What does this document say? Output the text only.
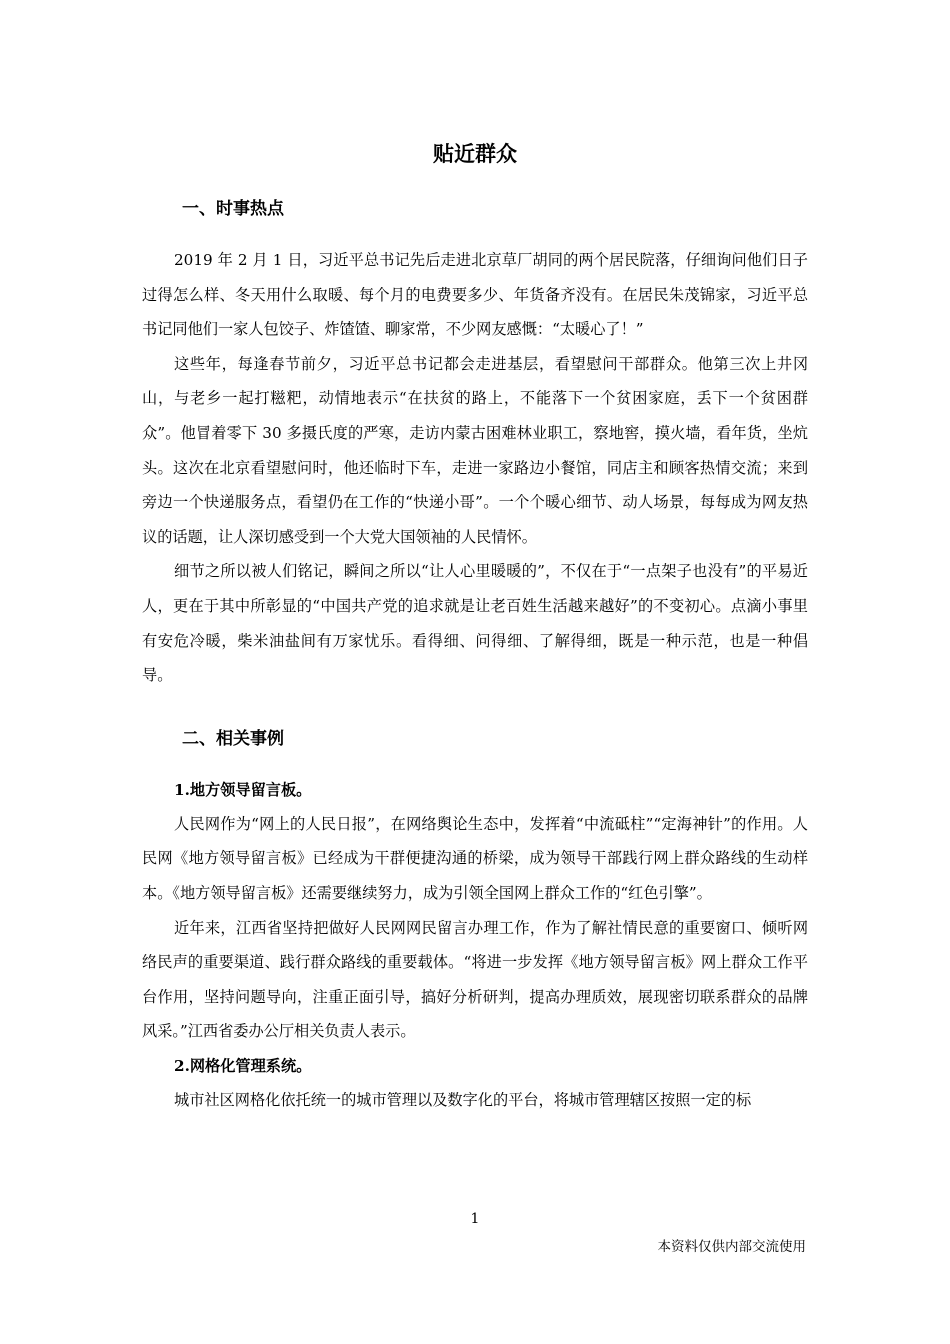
贴近群众
一、时事热点

2019 年 2 月 1 日，习近平总书记先后走进北京草厂胡同的两个居民院落，仔细询问他们日子过得怎么样、冬天用什么取暖、每个月的电费要多少、年货备齐没有。在居民朱茂锦家，习近平总书记同他们一家人包饺子、炸馇馇、聊家常，不少网友感慨：“太暖心了！”

这些年，每逢春节前夕，习近平总书记都会走进基层，看望慰问干部群众。他第三次上井冈山，与老乡一起打糍粑，动情地表示“在扶贫的路上，不能落下一个贫困家庭，丢下一个贫困群众”。他冒着零下 30 多摄氏度的严寒，走访内蒙古困难林业职工，察地窖，摸火墙，看年货，坐炕头。这次在北京看望慰问时，他还临时下车，走进一家路边小餐馆，同店主和顾客热情交流；来到旁边一个快递服务点，看望仍在工作的“快递小哥”。一个个暖心细节、动人场景，每每成为网友热议的话题，让人深切感受到一个大党大国领袖的人民情怀。

细节之所以被人们铭记，瞬间之所以“让人心里暖暖的”，不仅在于“一点架子也没有”的平易近人，更在于其中所彰显的“中国共产党的追求就是让老百姓生活越来越好”的不变初心。点滴小事里有安危冷暖，柴米油盐间有万家忧乐。看得细、问得细、了解得细，既是一种示范，也是一种倡导。

二、相关事例
1.地方领导留言板。

人民网作为“网上的人民日报”，在网络舆论生态中，发挥着“中流砥柱”“定海神针”的作用。人民网《地方领导留言板》已经成为干群便捷沟通的桥梁，成为领导干部践行网上群众路线的生动样本。《地方领导留言板》还需要继续努力，成为引领全国网上群众工作的“红色引擎”。

近年来，江西省坚持把做好人民网网民留言办理工作，作为了解社情民意的重要窗口、倾听网络民声的重要渠道、践行群众路线的重要载体。“将进一步发挥《地方领导留言板》网上群众工作平台作用，坚持问题导向，注重正面引导，搞好分析研判，提高办理质效，展现密切联系群众的品牌风采。”江西省委办公厅相关负责人表示。

2.网格化管理系统。

城市社区网格化依托统一的城市管理以及数字化的平台，将城市管理辖区按照一定的标

1
本资料仅供内部交流使用
